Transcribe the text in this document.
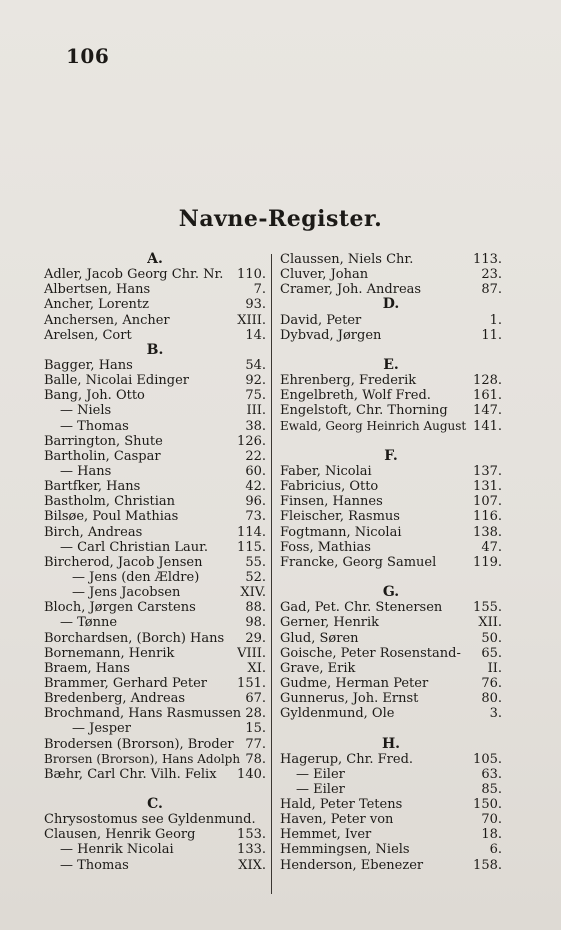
106
Navne-Register.
A.
Adler, Jacob Georg Chr. Nr. 110.
Albertsen, Hans	7.
Ancher, Lorentz	93.
Anchersen, Ancher	XIII.
Arelsen, Cort	14.
B.
Bagger, Hans	54.
Balle, Nicolai Edinger	92.
Bang, Joh. Otto	75.
— Niels	III.
— Thomas	38.
Barrington, Shute	126.
Bartholin, Caspar	22.
— Hans	60.
Bartfker, Hans	42.
Bastholm, Christian	96.
Bilsøe, Poul Mathias	73.
Birch, Andreas	114.
— Carl Christian Laur. 115.
Bircherod, Jacob Jensen	55.
— Jens (den Ældre)	52.
— Jens Jacobsen	XIV.
Bloch, Jørgen Carstens	88.
— Tønne	98.
Borchardsen, (Borch) Hans 29.
Bornemann, Henrik	VIII.
Braem, Hans	XI.
Brammer, Gerhard Peter 151.
Bredenberg, Andreas	67.
Brochmand, Hans Rasmussen 28.
— Jesper	15.
Brodersen (Brorson), Broder 77.
Brorsen (Brorson), Hans Adolph 78.
Bæhr, Carl Chr. Vilh. Felix 140.
C.
Chrysostomus see Gyldenmund.
Clausen, Henrik Georg	153.
— Henrik Nicolai	133.
— Thomas	XIX.
Claussen, Niels Chr.	113.
Cluver, Johan	23.
Cramer, Joh. Andreas	87.
D.
David, Peter	1.
Dybvad, Jørgen	11.
E.
Ehrenberg, Frederik	128.
Engelbreth, Wolf Fred.	161.
Engelstoft, Chr. Thorning 147.
Ewald, Georg Heinrich August 141.
F.
Faber, Nicolai	137.
Fabricius, Otto	131.
Finsen, Hannes	107.
Fleischer, Rasmus	116.
Fogtmann, Nicolai	138.
Foss, Mathias	47.
Francke, Georg Samuel	119.
G.
Gad, Pet. Chr. Stenersen 155.
Gerner, Henrik	XII.
Glud, Søren	50.
Goische, Peter Rosenstand- 65.
Grave, Erik	II.
Gudme, Herman Peter	76.
Gunnerus, Joh. Ernst	80.
Gyldenmund, Ole	3.
H.
Hagerup, Chr. Fred.	105.
— Eiler	63.
— Eiler	85.
Hald, Peter Tetens	150.
Haven, Peter von	70.
Hemmet, Iver	18.
Hemmingsen, Niels	6.
Henderson, Ebenezer	158.
